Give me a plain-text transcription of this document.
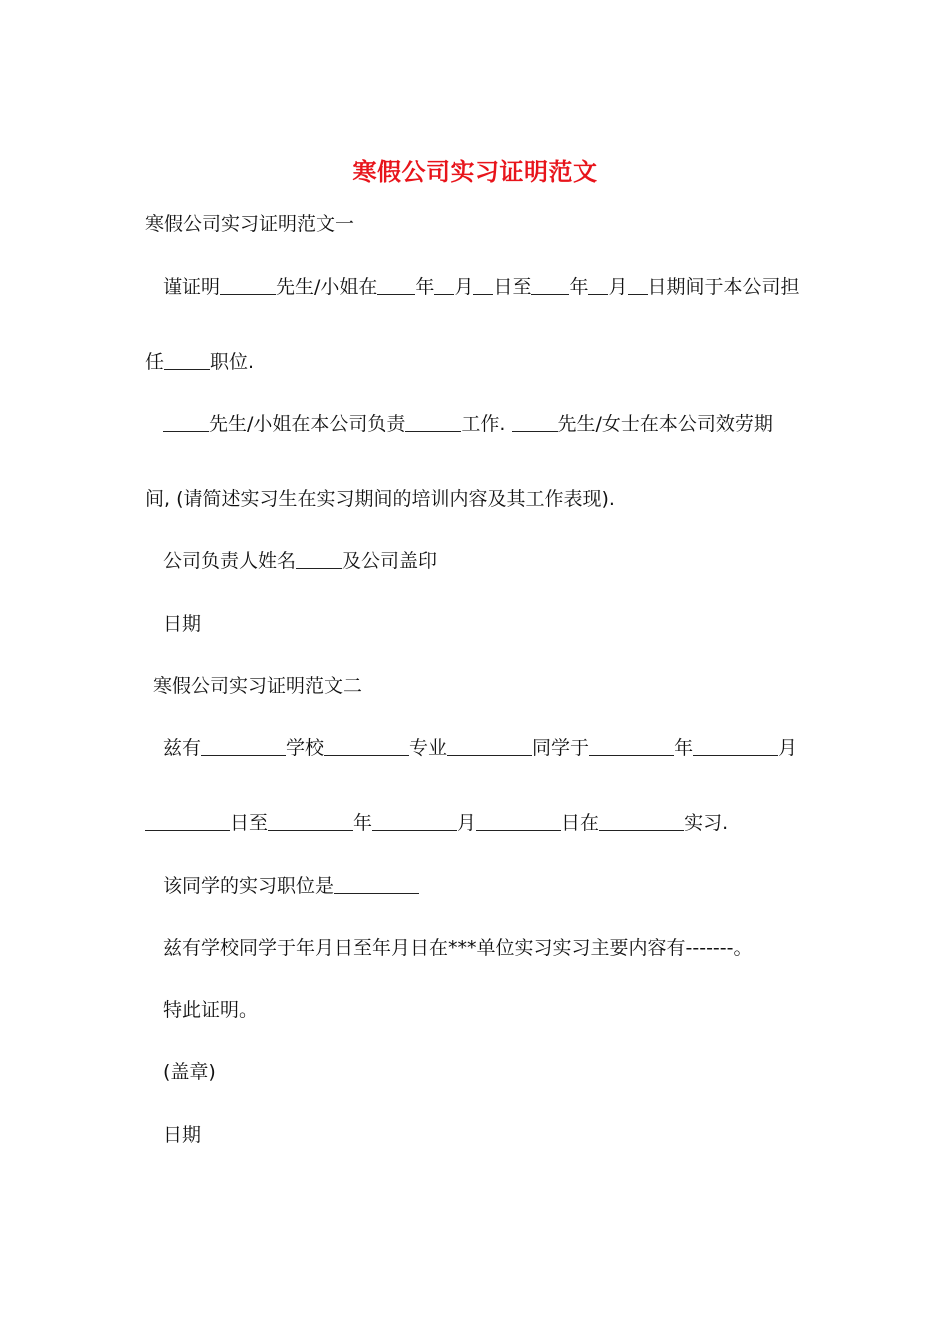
寒假公司实习证明范文
寒假公司实习证明范文一
谨证明	先生/小姐在 年 月 日至 年 月 日期间于本公司担
任 职位.
先生/小姐在本公司负责	工作. 先生/女士在本公司效劳期
间, (请简述实习生在实习期间的培训内容及其工作表现).
公司负责人姓名 及公司盖印
日期
寒假公司实习证明范文二
兹有	学校	专业	同学于	年	月
日至	年	月	日在	实习.
该同学的实习职位是
兹有学校同学于年月日至年月日在***单位实习实习主要内容有-------。
特此证明。
(盖章)
日期
